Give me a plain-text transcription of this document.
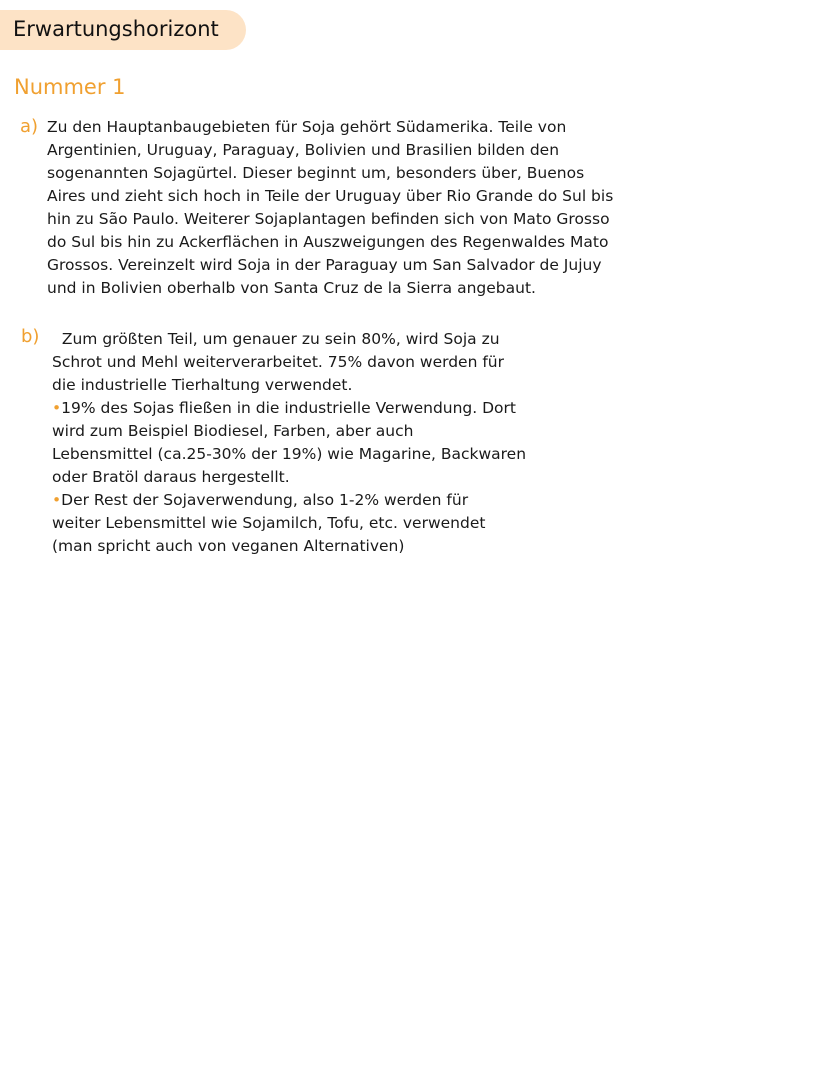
Erwartungshorizont
Nummer 1
a) Zu den Hauptanbaugebieten für Soja gehört Südamerika. Teile von
Argentinien, Uruguay, Paraguay, Bolivien und Brasilien bilden den
sogenannten Sojagürtel. Dieser beginnt um, besonders über, Buenos
Aires und zieht sich hoch in Teile der Uruguay über Rio Grande do Sul bis
hin zu São Paulo. Weiterer Sojaplantagen befinden sich von Mato Grosso
do Sul bis hin zu Ackerflächen in Auszweigungen des Regenwaldes Mato
Grossos. Vereinzelt wird Soja in der Paraguay um San Salvador de Jujuy
und in Bolivien oberhalb von Santa Cruz de la Sierra angebaut.
b) Zum größten Teil, um genauer zu sein 80%, wird Soja zu
Schrot und Mehl weiterverarbeitet. 75% davon werden für
die industrielle Tierhaltung verwendet.
•19% des Sojas fließen in die industrielle Verwendung. Dort
wird zum Beispiel Biodiesel, Farben, aber auch
Lebensmittel (ca.25-30% der 19%) wie Magarine, Backwaren
oder Bratöl daraus hergestellt.
•Der Rest der Sojaverwendung, also 1-2% werden für
weiter Lebensmittel wie Sojamilch, Tofu, etc. verwendet
(man spricht auch von veganen Alternativen)
